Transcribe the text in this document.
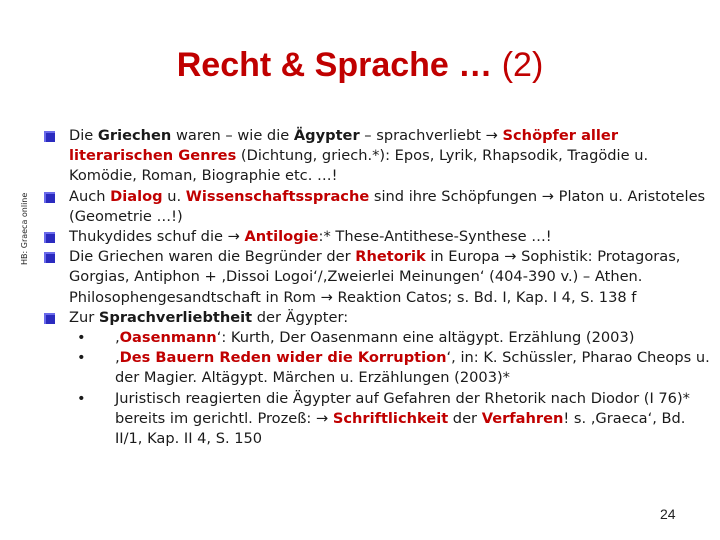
Recht & Sprache … (2)
HB: Graeca online
Die Griechen waren – wie die Ägypter – sprachverliebt → Schöpfer aller literarischen Genres (Dichtung, griech.*): Epos, Lyrik, Rhapsodik, Tragödie u. Komödie, Roman, Biographie etc. …!
Auch Dialog u. Wissenschaftssprache sind ihre Schöpfungen → Platon u. Aristoteles (Geometrie …!)
Thukydides schuf die → Antilogie:* These-Antithese-Synthese …!
Die Griechen waren die Begründer der Rhetorik in Europa → Sophistik: Protagoras, Gorgias, Antiphon + ‚Dissoi Logoi‘/‚Zweierlei Meinungen‘ (404-390 v.) – Athen. Philosophengesandtschaft in Rom → Reaktion Catos; s. Bd. I, Kap. I 4, S. 138 f
Zur Sprachverliebtheit der Ägypter:
• ‚Oasenmann‘: Kurth, Der Oasenmann eine altägypt. Erzählung (2003)
• ‚Des Bauern Reden wider die Korruption‘, in: K. Schüssler, Pharao Cheops u. der Magier. Altägypt. Märchen u. Erzählungen (2003)*
• Juristisch reagierten die Ägypter auf Gefahren der Rhetorik nach Diodor (I 76)* bereits im gerichtl. Prozeß: → Schriftlichkeit der Verfahren! s. ‚Graeca‘, Bd. II/1, Kap. II 4, S. 150
24
